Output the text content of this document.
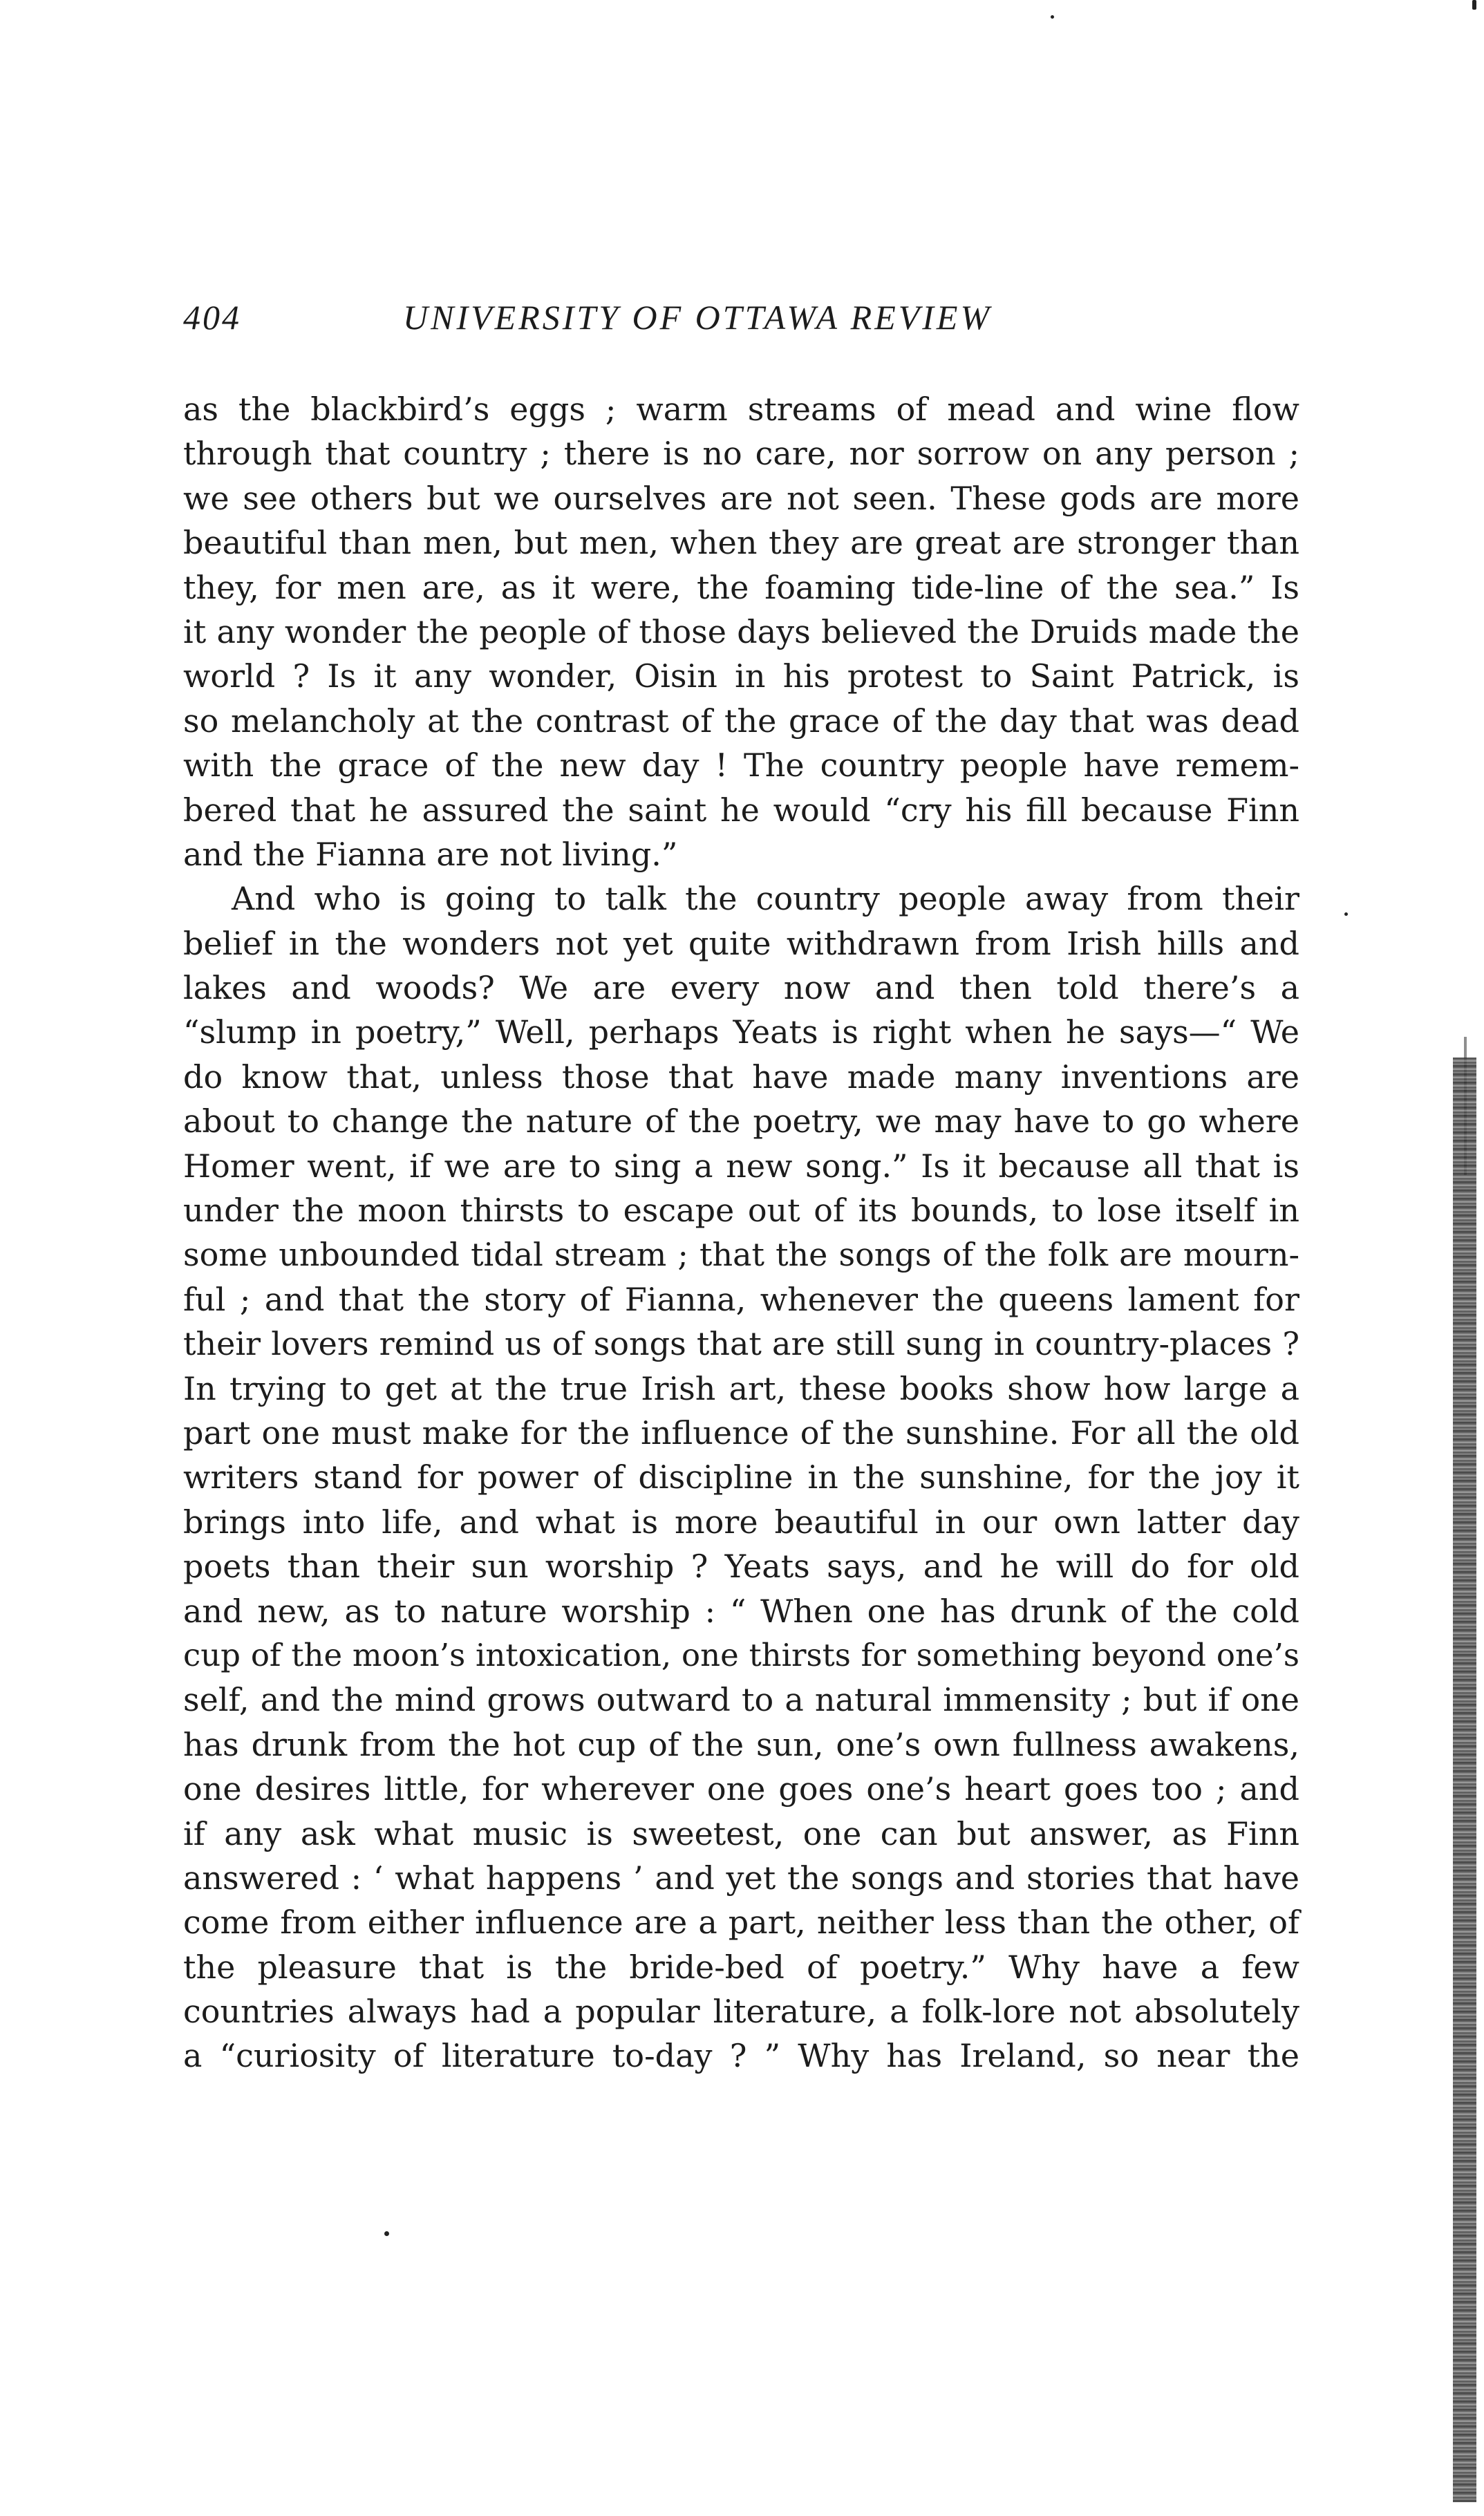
404	UNIVERSITY OF OTTAWA REVIEW
as the blackbird’s eggs ; warm streams of mead and wine flow
through that country ; there is no care, nor sorrow on any person ;
we see others but we ourselves are not seen. These gods are more
beautiful than men, but men, when they are great are stronger than
they, for men are, as it were, the foaming tide-line of the sea.” Is
it any wonder the people of those days believed the Druids made the
world ? Is it any wonder, Oisin in his protest to Saint Patrick, is
so melancholy at the contrast of the grace of the day that was dead
with the grace of the new day ! The country people have remem-
bered that he assured the saint he would “cry his fill because Finn
and the Fianna are not living.”
And who is going to talk the country people away from their
belief in the wonders not yet quite withdrawn from Irish hills and
lakes and woods? We are every now and then told there’s a
“slump in poetry,” Well, perhaps Yeats is right when he says—“ We
do know that, unless those that have made many inventions are
about to change the nature of the poetry, we may have to go where
Homer went, if we are to sing a new song.” Is it because all that is
under the moon thirsts to escape out of its bounds, to lose itself in
some unbounded tidal stream ; that the songs of the folk are mourn-
ful ; and that the story of Fianna, whenever the queens lament for
their lovers remind us of songs that are still sung in country-places ?
In trying to get at the true Irish art, these books show how large a
part one must make for the influence of the sunshine. For all the old
writers stand for power of discipline in the sunshine, for the joy it
brings into life, and what is more beautiful in our own latter day
poets than their sun worship ? Yeats says, and he will do for old
and new, as to nature worship : “ When one has drunk of the cold
cup of the moon’s intoxication, one thirsts for something beyond one’s
self, and the mind grows outward to a natural immensity ; but if one
has drunk from the hot cup of the sun, one’s own fullness awakens,
one desires little, for wherever one goes one’s heart goes too ; and
if any ask what music is sweetest, one can but answer, as Finn
answered : ‘ what happens ’ and yet the songs and stories that have
come from either influence are a part, neither less than the other, of
the pleasure that is the bride-bed of poetry.” Why have a few
countries always had a popular literature, a folk-lore not absolutely
a “curiosity of literature to-day ? ” Why has Ireland, so near the
